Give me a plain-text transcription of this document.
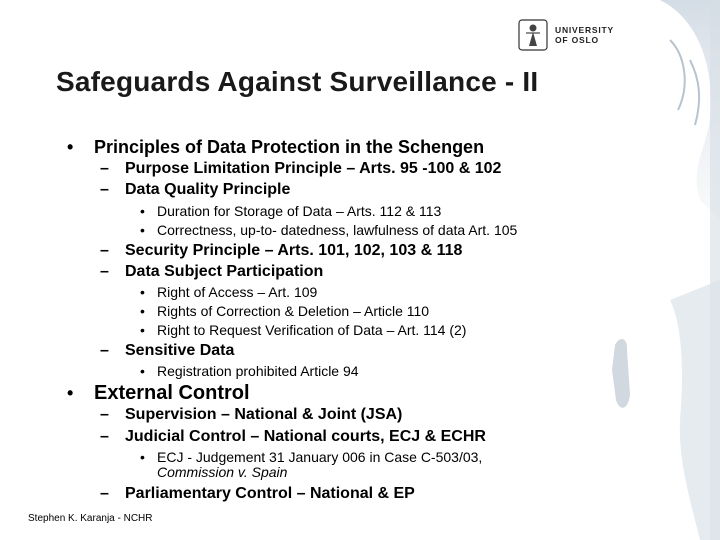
UNIVERSITY
OF OSLO
Safeguards Against Surveillance - II
• Principles of Data Protection in the Schengen
– Purpose Limitation Principle – Arts. 95 -100 & 102
– Data Quality Principle
• Duration for Storage of Data – Arts. 112 & 113
• Correctness, up-to- datedness, lawfulness of data Art. 105
– Security Principle – Arts. 101, 102, 103 & 118
– Data Subject Participation
• Right of Access – Art. 109
• Rights of Correction & Deletion – Article 110
• Right to Request Verification of Data – Art. 114 (2)
– Sensitive Data
• Registration prohibited Article 94
• External Control
– Supervision – National & Joint (JSA)
– Judicial Control – National courts, ECJ & ECHR
• ECJ - Judgement 31 January 006 in Case C-503/03,
Commission v. Spain
– Parliamentary Control – National & EP
Stephen K. Karanja - NCHR
